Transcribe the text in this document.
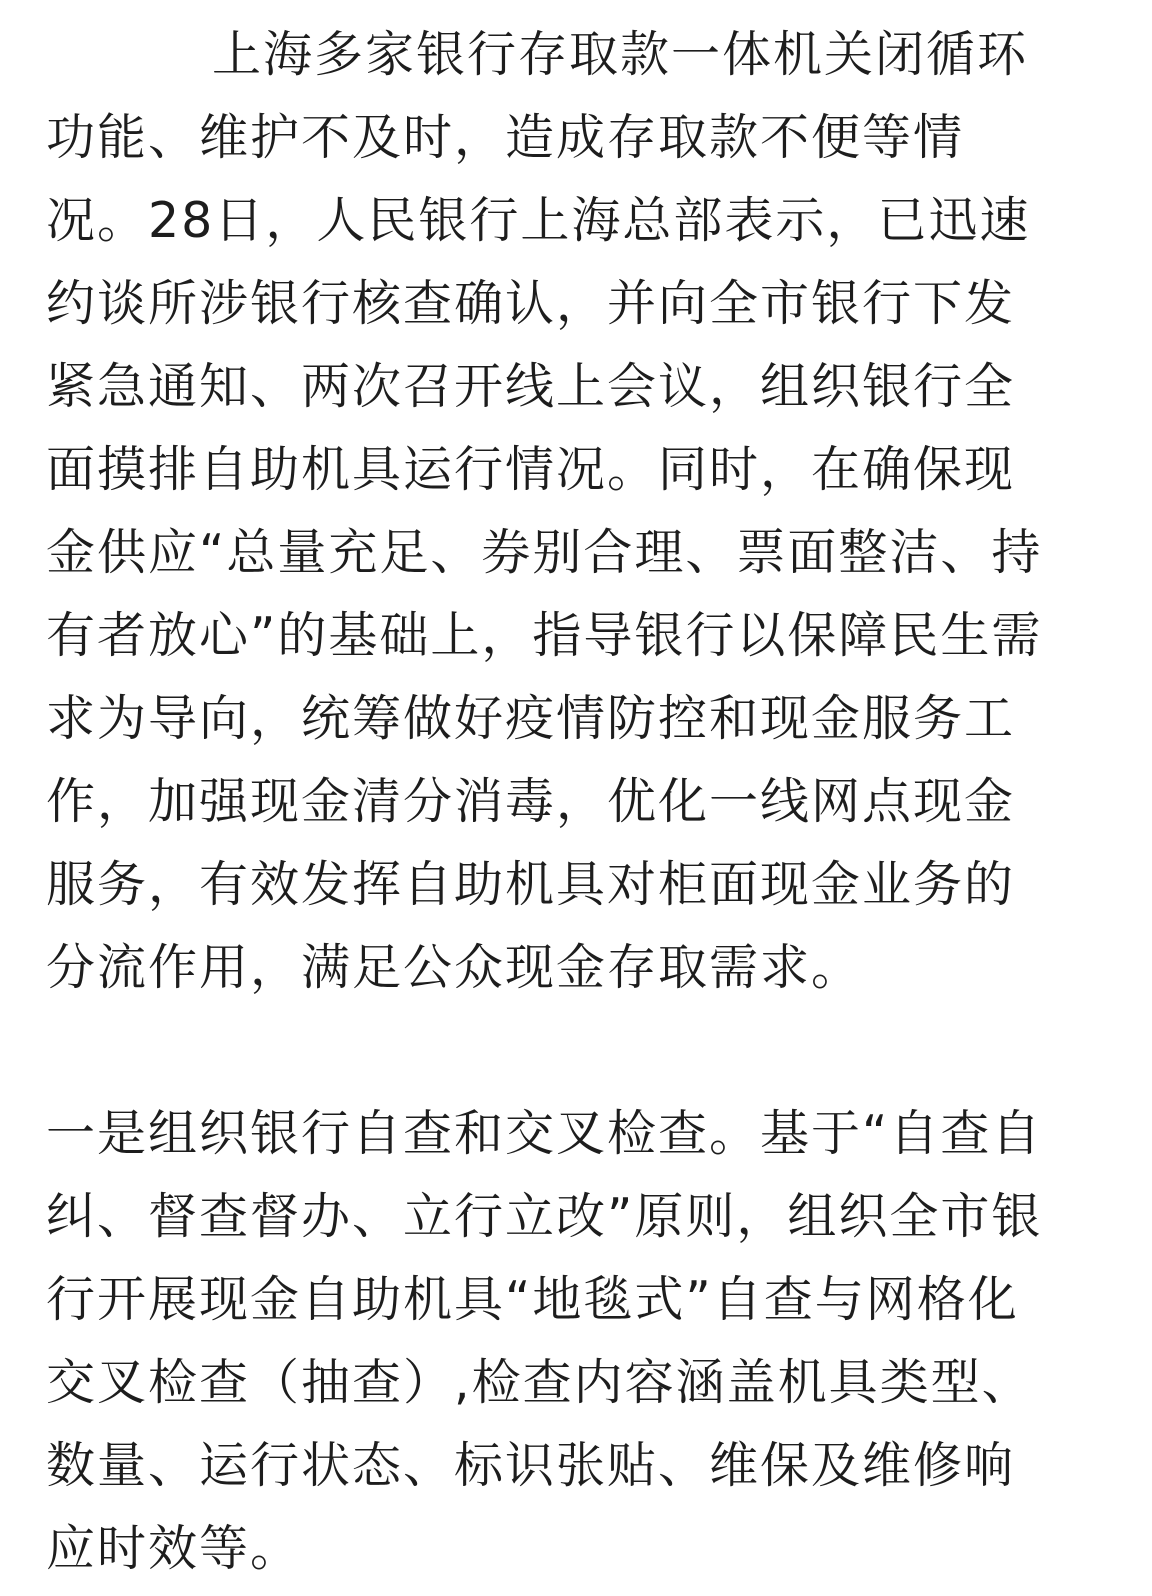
上海多家银行存取款一体机关闭循环
功能、维护不及时，造成存取款不便等情
况。28日，人民银行上海总部表示，已迅速
约谈所涉银行核查确认，并向全市银行下发
紧急通知、两次召开线上会议，组织银行全
面摸排自助机具运行情况。同时，在确保现
金供应“总量充足、券别合理、票面整洁、持
有者放心”的基础上，指导银行以保障民生需
求为导向，统筹做好疫情防控和现金服务工
作，加强现金清分消毒，优化一线网点现金
服务，有效发挥自助机具对柜面现金业务的
分流作用，满足公众现金存取需求。
一是组织银行自查和交叉检查。基于“自查自
纠、督查督办、立行立改”原则，组织全市银
行开展现金自助机具“地毯式”自查与网格化
交叉检查（抽查）,检查内容涵盖机具类型、
数量、运行状态、标识张贴、维保及维修响
应时效等。
